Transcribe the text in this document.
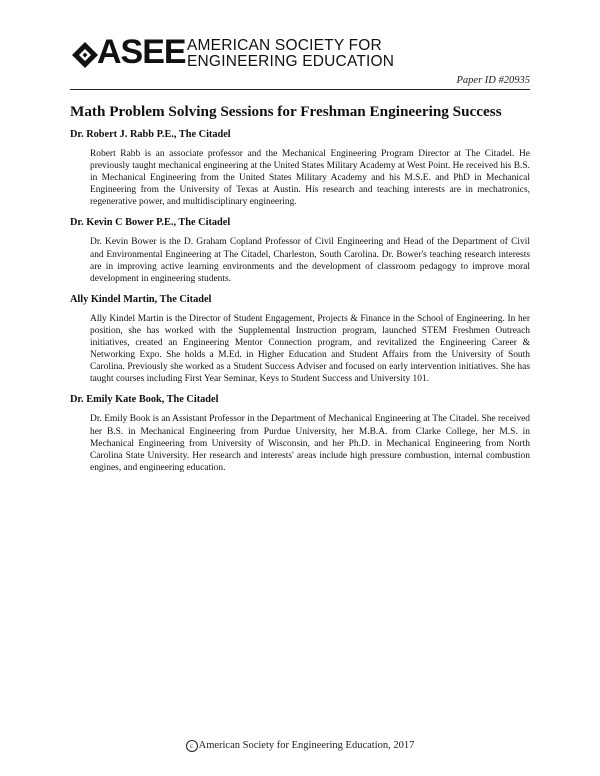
ASEE AMERICAN SOCIETY FOR
ENGINEERING EDUCATION
Paper ID #20935
Math Problem Solving Sessions for Freshman Engineering Success

Dr. Robert J. Rabb P.E., The Citadel

Robert Rabb is an associate professor and the Mechanical Engineering Program Director at The Citadel. He previously taught mechanical engineering at the United States Military Academy at West Point. He received his B.S. in Mechanical Engineering from the United States Military Academy and his M.S.E. and PhD in Mechanical Engineering from the University of Texas at Austin. His research and teaching interests are in mechatronics, regenerative power, and multidisciplinary engineering.

Dr. Kevin C Bower P.E., The Citadel

Dr. Kevin Bower is the D. Graham Copland Professor of Civil Engineering and Head of the Department of Civil and Environmental Engineering at The Citadel, Charleston, South Carolina. Dr. Bower's teaching research interests are in improving active learning environments and the development of classroom pedagogy to improve moral development in engineering students.

Ally Kindel Martin, The Citadel

Ally Kindel Martin is the Director of Student Engagement, Projects & Finance in the School of Engineering. In her position, she has worked with the Supplemental Instruction program, launched STEM Freshmen Outreach initiatives, created an Engineering Mentor Connection program, and revitalized the Engineering Career & Networking Expo. She holds a M.Ed. in Higher Education and Student Affairs from the University of South Carolina. Previously she worked as a Student Success Adviser and focused on early intervention initiatives. She has taught courses including First Year Seminar, Keys to Student Success and University 101.

Dr. Emily Kate Book, The Citadel

Dr. Emily Book is an Assistant Professor in the Department of Mechanical Engineering at The Citadel. She received her B.S. in Mechanical Engineering from Purdue University, her M.B.A. from Clarke College, her M.S. in Mechanical Engineering from University of Wisconsin, and her Ph.D. in Mechanical Engineering from North Carolina State University. Her research and interests' areas include high pressure combustion, internal combustion engines, and engineering education.

c American Society for Engineering Education, 2017
